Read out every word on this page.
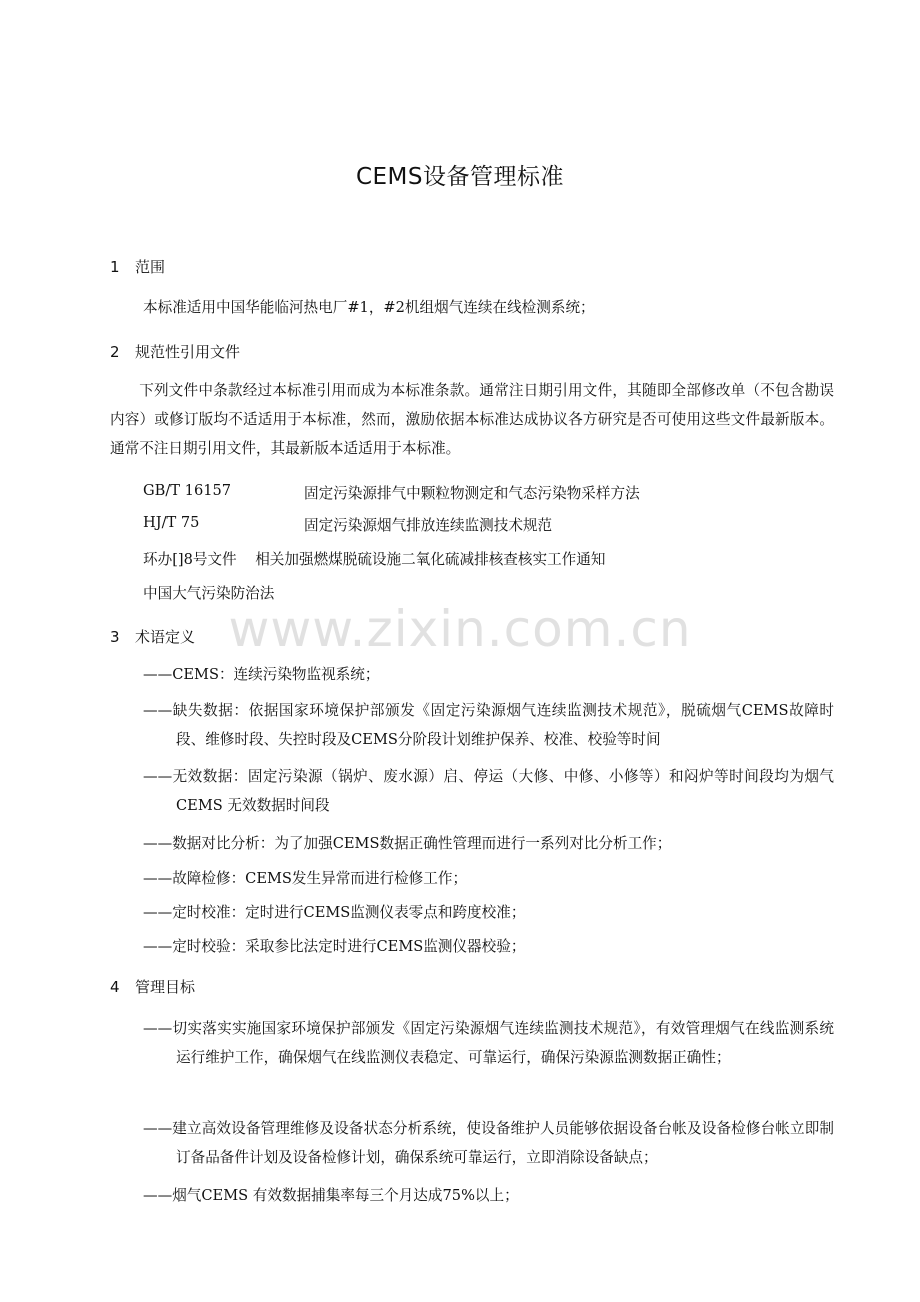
www.zixin.com.cn
CEMS设备管理标准
1 范围
本标准适用中国华能临河热电厂#1，#2机组烟气连续在线检测系统；
2 规范性引用文件
下列文件中条款经过本标准引用而成为本标准条款。通常注日期引用文件，其随即全部修改单（不包含勘误内容）或修订版均不适适用于本标准，然而，激励依据本标准达成协议各方研究是否可使用这些文件最新版本。通常不注日期引用文件，其最新版本适适用于本标准。
GB/T 16157	固定污染源排气中颗粒物测定和气态污染物采样方法
HJ/T 75	固定污染源烟气排放连续监测技术规范
环办[]8号文件    相关加强燃煤脱硫设施二氧化硫减排核查核实工作通知
中国大气污染防治法
3 术语定义
——CEMS：连续污染物监视系统；
——缺失数据：依据国家环境保护部颁发《固定污染源烟气连续监测技术规范》，脱硫烟气CEMS故障时段、维修时段、失控时段及CEMS分阶段计划维护保养、校准、校验等时间
——无效数据：固定污染源（锅炉、废水源）启、停运（大修、中修、小修等）和闷炉等时间段均为烟气CEMS 无效数据时间段
——数据对比分析：为了加强CEMS数据正确性管理而进行一系列对比分析工作；
——故障检修：CEMS发生异常而进行检修工作；
——定时校准：定时进行CEMS监测仪表零点和跨度校准；
——定时校验：采取参比法定时进行CEMS监测仪器校验；
4 管理目标
——切实落实实施国家环境保护部颁发《固定污染源烟气连续监测技术规范》，有效管理烟气在线监测系统运行维护工作，确保烟气在线监测仪表稳定、可靠运行，确保污染源监测数据正确性；
——建立高效设备管理维修及设备状态分析系统，使设备维护人员能够依据设备台帐及设备检修台帐立即制订备品备件计划及设备检修计划，确保系统可靠运行，立即消除设备缺点；
——烟气CEMS 有效数据捕集率每三个月达成75%以上；
